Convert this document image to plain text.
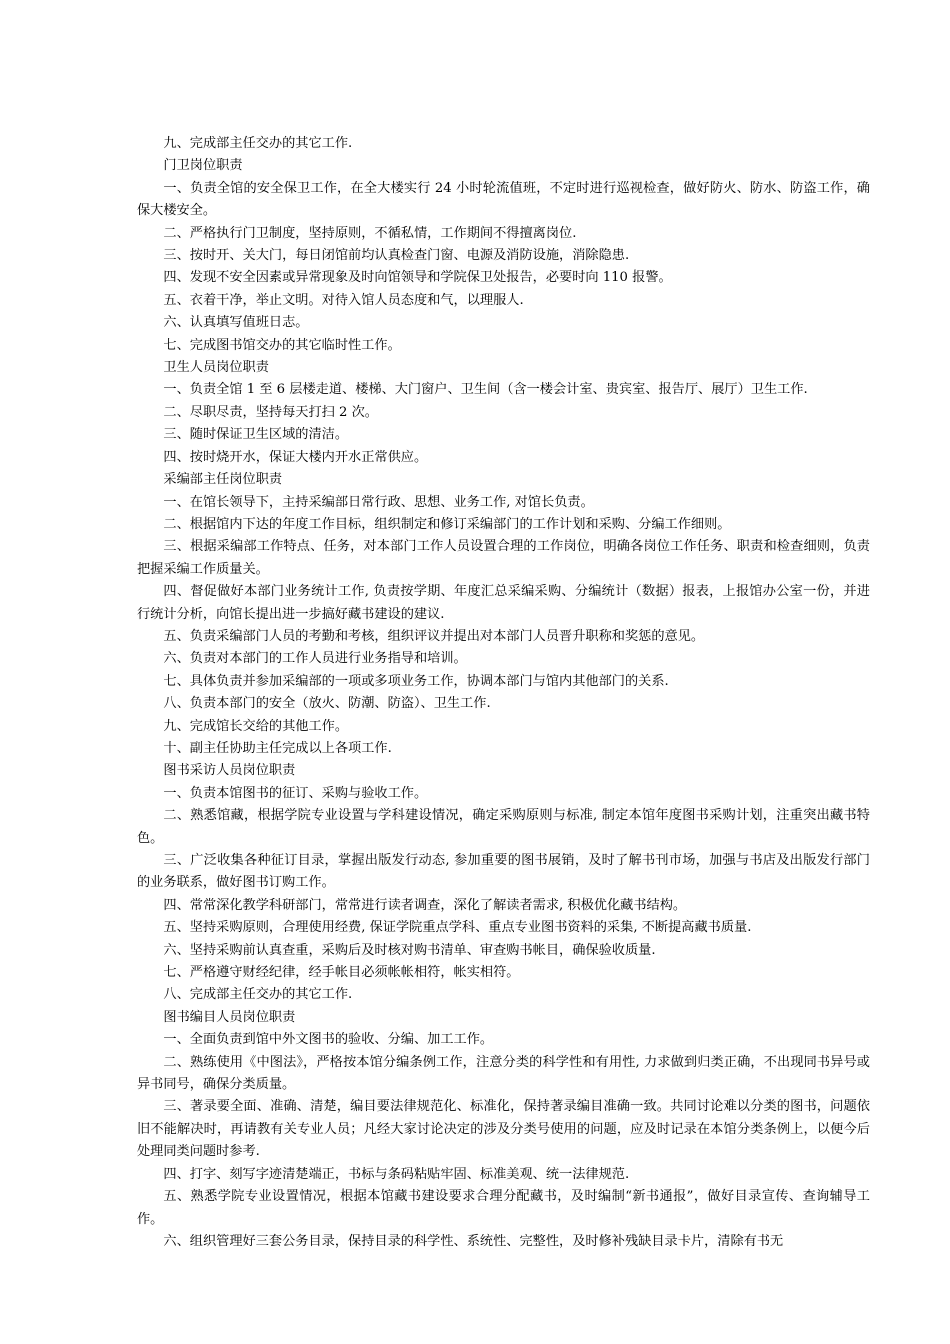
九、完成部主任交办的其它工作.

门卫岗位职责

一、负责全馆的安全保卫工作，在全大楼实行 24 小时轮流值班，不定时进行巡视检查，做好防火、防水、防盗工作，确保大楼安全。

二、严格执行门卫制度，坚持原则，不循私情，工作期间不得擅离岗位.

三、按时开、关大门，每日闭馆前均认真检查门窗、电源及消防设施，消除隐患.

四、发现不安全因素或异常现象及时向馆领导和学院保卫处报告，必要时向 110 报警。

五、衣着干净，举止文明。对待入馆人员态度和气，以理服人.

六、认真填写值班日志。

七、完成图书馆交办的其它临时性工作。

卫生人员岗位职责

一、负责全馆 1 至 6 层楼走道、楼梯、大门窗户、卫生间（含一楼会计室、贵宾室、报告厅、展厅）卫生工作.

二、尽职尽责，坚持每天打扫 2 次。

三、随时保证卫生区域的清洁。

四、按时烧开水，保证大楼内开水正常供应。

采编部主任岗位职责

一、在馆长领导下，主持采编部日常行政、思想、业务工作, 对馆长负责。

二、根据馆内下达的年度工作目标，组织制定和修订采编部门的工作计划和采购、分编工作细则。

三、根据采编部工作特点、任务，对本部门工作人员设置合理的工作岗位，明确各岗位工作任务、职责和检查细则，负责把握采编工作质量关。

四、督促做好本部门业务统计工作, 负责按学期、年度汇总采编采购、分编统计（数据）报表，上报馆办公室一份，并进行统计分析，向馆长提出进一步搞好藏书建设的建议.

五、负责采编部门人员的考勤和考核，组织评议并提出对本部门人员晋升职称和奖惩的意见。

六、负责对本部门的工作人员进行业务指导和培训。

七、具体负责并参加采编部的一项或多项业务工作，协调本部门与馆内其他部门的关系.

八、负责本部门的安全（放火、防潮、防盗）、卫生工作.

九、完成馆长交给的其他工作。

十、副主任协助主任完成以上各项工作.

图书采访人员岗位职责

一、负责本馆图书的征订、采购与验收工作。

二、熟悉馆藏，根据学院专业设置与学科建设情况，确定采购原则与标准, 制定本馆年度图书采购计划，注重突出藏书特色。

三、广泛收集各种征订目录，掌握出版发行动态, 参加重要的图书展销，及时了解书刊市场，加强与书店及出版发行部门的业务联系，做好图书订购工作。

四、常常深化教学科研部门，常常进行读者调查，深化了解读者需求, 积极优化藏书结构。

五、坚持采购原则，合理使用经费, 保证学院重点学科、重点专业图书资料的采集, 不断提高藏书质量.

六、坚持采购前认真查重，采购后及时核对购书清单、审查购书帐目，确保验收质量.

七、严格遵守财经纪律，经手帐目必须帐帐相符，帐实相符。

八、完成部主任交办的其它工作.

图书编目人员岗位职责

一、全面负责到馆中外文图书的验收、分编、加工工作。

二、熟练使用《中图法》，严格按本馆分编条例工作，注意分类的科学性和有用性, 力求做到归类正确，不出现同书异号或异书同号，确保分类质量。

三、著录要全面、准确、清楚，编目要法律规范化、标准化，保持著录编目准确一致。共同讨论难以分类的图书，问题依旧不能解决时，再请教有关专业人员；凡经大家讨论决定的涉及分类号使用的问题，应及时记录在本馆分类条例上，以便今后处理同类问题时参考.

四、打字、刻写字迹清楚端正，书标与条码粘贴牢固、标准美观、统一法律规范.

五、熟悉学院专业设置情况，根据本馆藏书建设要求合理分配藏书，及时编制“新书通报”，做好目录宣传、查询辅导工作。

六、组织管理好三套公务目录，保持目录的科学性、系统性、完整性，及时修补残缺目录卡片，清除有书无
